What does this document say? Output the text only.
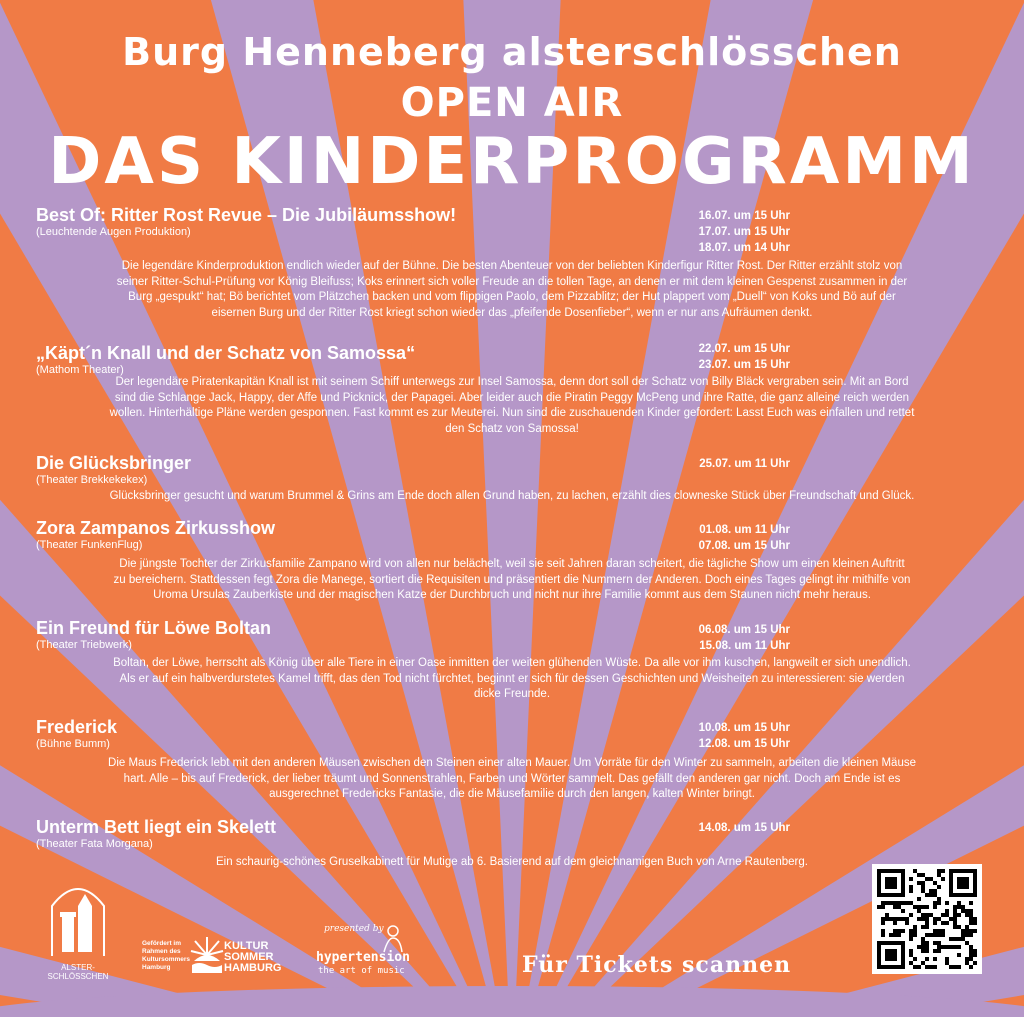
Burg Henneberg alsterschlösschen
OPEN AIR
DAS KINDERPROGRAMM
Best Of: Ritter Rost Revue – Die Jubiläumsshow!
(Leuchtende Augen Produktion)
16.07. um 15 Uhr
17.07. um 15 Uhr
18.07. um 14 Uhr
Die legendäre Kinderproduktion endlich wieder auf der Bühne. Die besten Abenteuer von der beliebten Kinderfigur Ritter Rost. Der Ritter erzählt stolz von
seiner Ritter-Schul-Prüfung vor König Bleifuss; Koks erinnert sich voller Freude an die tollen Tage, an denen er mit dem kleinen Gespenst zusammen in der
Burg „gespukt“ hat; Bö berichtet vom Plätzchen backen und vom flippigen Paolo, dem Pizzablitz; der Hut plappert vom „Duell“ von Koks und Bö auf der
eisernen Burg und der Ritter Rost kriegt schon wieder das „pfeifende Dosenfieber“, wenn er nur ans Aufräumen denkt.
„Käpt´n Knall und der Schatz von Samossa“
(Mathom Theater)
22.07. um 15 Uhr
23.07. um 15 Uhr
Der legendäre Piratenkapitän Knall ist mit seinem Schiff unterwegs zur Insel Samossa, denn dort soll der Schatz von Billy Bläck vergraben sein. Mit an Bord
sind die Schlange Jack, Happy, der Affe und Picknick, der Papagei. Aber leider auch die Piratin Peggy McPeng und ihre Ratte, die ganz alleine reich werden
wollen. Hinterhältige Pläne werden gesponnen. Fast kommt es zur Meuterei. Nun sind die zuschauenden Kinder gefordert: Lasst Euch was einfallen und rettet
den Schatz von Samossa!
Die Glücksbringer
(Theater Brekkekekex)
25.07. um 11 Uhr
Glücksbringer gesucht und warum Brummel & Grins am Ende doch allen Grund haben, zu lachen, erzählt dies clowneske Stück über Freundschaft und Glück.
Zora Zampanos Zirkusshow
(Theater FunkenFlug)
01.08. um 11 Uhr
07.08. um 15 Uhr
Die jüngste Tochter der Zirkusfamilie Zampano wird von allen nur belächelt, weil sie seit Jahren daran scheitert, die tägliche Show um einen kleinen Auftritt
zu bereichern. Stattdessen fegt Zora die Manege, sortiert die Requisiten und präsentiert die Nummern der Anderen. Doch eines Tages gelingt ihr mithilfe von
Uroma Ursulas Zauberkiste und der magischen Katze der Durchbruch und nicht nur ihre Familie kommt aus dem Staunen nicht mehr heraus.
Ein Freund für Löwe Boltan
(Theater Triebwerk)
06.08. um 15 Uhr
15.08. um 11 Uhr
Boltan, der Löwe, herrscht als König über alle Tiere in einer Oase inmitten der weiten glühenden Wüste. Da alle vor ihm kuschen, langweilt er sich unendlich.
Als er auf ein halbverdurstetes Kamel trifft, das den Tod nicht fürchtet, beginnt er sich für dessen Geschichten und Weisheiten zu interessieren: sie werden
dicke Freunde.
Frederick
(Bühne Bumm)
10.08. um 15 Uhr
12.08. um 15 Uhr
Die Maus Frederick lebt mit den anderen Mäusen zwischen den Steinen einer alten Mauer. Um Vorräte für den Winter zu sammeln, arbeiten die kleinen Mäuse
hart. Alle – bis auf Frederick, der lieber träumt und Sonnenstrahlen, Farben und Wörter sammelt. Das gefällt den anderen gar nicht. Doch am Ende ist es
ausgerechnet Fredericks Fantasie, die die Mäusefamilie durch den langen, kalten Winter bringt.
Unterm Bett liegt ein Skelett
(Theater Fata Morgana)
14.08. um 15 Uhr
Ein schaurig-schönes Gruselkabinett für Mutige ab 6. Basierend auf dem gleichnamigen Buch von Arne Rautenberg.
ALSTER-
SCHLÖSSCHEN
Gefördert im Rahmen des Kultursommers Hamburg
KULTUR SOMMER HAMBURG
presented by
hypertension
the art of music	Für Tickets scannen
